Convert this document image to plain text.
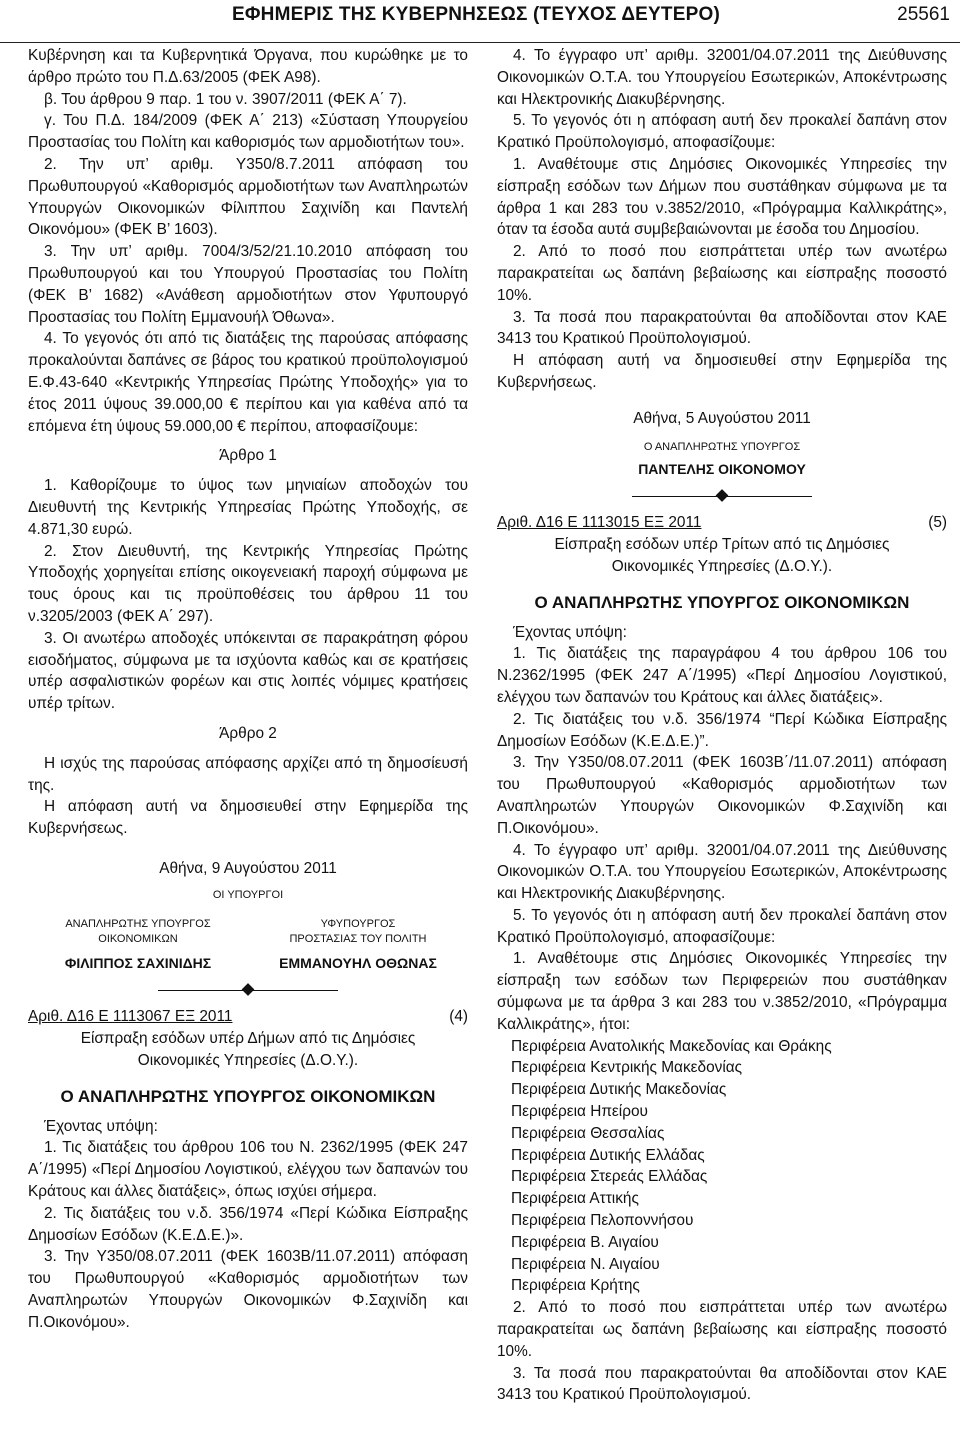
ΕΦΗΜΕΡΙΣ ΤΗΣ ΚΥΒΕΡΝΗΣΕΩΣ (ΤΕΥΧΟΣ ΔΕΥΤΕΡΟ)	25561

Κυβέρνηση και τα Κυβερνητικά Όργανα, που κυρώθηκε με το άρθρο πρώτο του Π.Δ.63/2005 (ΦΕΚ Α98).

β. Του άρθρου 9 παρ. 1 του ν. 3907/2011 (ΦΕΚ Α΄ 7).

γ. Του Π.Δ. 184/2009 (ΦΕΚ Α΄ 213) «Σύσταση Υπουργείου Προστασίας του Πολίτη και καθορισμός των αρμοδιοτήτων του».

2. Την υπ’ αριθμ. Υ350/8.7.2011 απόφαση του Πρωθυπουργού «Καθορισμός αρμοδιοτήτων των Αναπληρωτών Υπουργών Οικονομικών Φίλιππου Σαχινίδη και Παντελή Οικονόμου» (ΦΕΚ Β’ 1603).

3. Την υπ’ αριθμ. 7004/3/52/21.10.2010 απόφαση του Πρωθυπουργού και του Υπουργού Προστασίας του Πολίτη (ΦΕΚ Β’ 1682) «Ανάθεση αρμοδιοτήτων στον Υφυπουργό Προστασίας του Πολίτη Εμμανουήλ Όθωνα».

4. Το γεγονός ότι από τις διατάξεις της παρούσας απόφασης προκαλούνται δαπάνες σε βάρος του κρατικού προϋπολογισμού Ε.Φ.43-640 «Κεντρικής Υπηρεσίας Πρώτης Υποδοχής» για το έτος 2011 ύψους 39.000,00 € περίπου και για καθένα από τα επόμενα έτη ύψους 59.000,00 € περίπου, αποφασίζουμε:

Άρθρο 1

1. Καθορίζουμε το ύψος των μηνιαίων αποδοχών του Διευθυντή της Κεντρικής Υπηρεσίας Πρώτης Υποδοχής, σε 4.871,30 ευρώ.

2. Στον Διευθυντή, της Κεντρικής Υπηρεσίας Πρώτης Υποδοχής χορηγείται επίσης οικογενειακή παροχή σύμφωνα με τους όρους και τις προϋποθέσεις του άρθρου 11 του ν.3205/2003 (ΦΕΚ Α΄ 297).

3. Οι ανωτέρω αποδοχές υπόκεινται σε παρακράτηση φόρου εισοδήματος, σύμφωνα με τα ισχύοντα καθώς και σε κρατήσεις υπέρ ασφαλιστικών φορέων και στις λοιπές νόμιμες κρατήσεις υπέρ τρίτων.

Άρθρο 2

Η ισχύς της παρούσας απόφασης αρχίζει από τη δημοσίευσή της.

Η απόφαση αυτή να δημοσιευθεί στην Εφημερίδα της Κυβερνήσεως.

Αθήνα, 9 Αυγούστου 2011

ΟΙ ΥΠΟΥΡΓΟΙ

ΑΝΑΠΛΗΡΩΤΗΣ ΥΠΟΥΡΓΟΣ

ΟΙΚΟΝΟΜΙΚΩΝ

ΦΙΛΙΠΠΟΣ ΣΑΧΙΝΙΔΗΣ

ΥΦΥΠΟΥΡΓΟΣ

ΠΡΟΣΤΑΣΙΑΣ ΤΟΥ ΠΟΛΙΤΗ

ΕΜΜΑΝΟΥΗΛ ΟΘΩΝΑΣ

Αριθ. Δ16 Ε 1113067 ΕΞ 2011	(4)

Είσπραξη εσόδων υπέρ Δήμων από τις Δημόσιες

Οικονομικές Υπηρεσίες (Δ.Ο.Υ.).

Ο ΑΝΑΠΛΗΡΩΤΗΣ ΥΠΟΥΡΓΟΣ ΟΙΚΟΝΟΜΙΚΩΝ

Έχοντας υπόψη:

1. Τις διατάξεις του άρθρου 106 του Ν. 2362/1995 (ΦΕΚ 247 Α΄/1995) «Περί Δημοσίου Λογιστικού, ελέγχου των δαπανών του Κράτους και άλλες διατάξεις», όπως ισχύει σήμερα.

2. Τις διατάξεις του ν.δ. 356/1974 «Περί Κώδικα Είσπραξης Δημοσίων Εσόδων (Κ.Ε.Δ.Ε.)».

3. Την Υ350/08.07.2011 (ΦΕΚ 1603Β/11.07.2011) απόφαση του Πρωθυπουργού «Καθορισμός αρμοδιοτήτων των Αναπληρωτών Υπουργών Οικονομικών Φ.Σαχινίδη και Π.Οικονόμου».

4. Το έγγραφο υπ’ αριθμ. 32001/04.07.2011 της Διεύθυνσης Οικονομικών Ο.Τ.Α. του Υπουργείου Εσωτερικών, Αποκέντρωσης και Ηλεκτρονικής Διακυβέρνησης.

5. Το γεγονός ότι η απόφαση αυτή δεν προκαλεί δαπάνη στον Κρατικό Προϋπολογισμό, αποφασίζουμε:

1. Αναθέτουμε στις Δημόσιες Οικονομικές Υπηρεσίες την είσπραξη εσόδων των Δήμων που συστάθηκαν σύμφωνα με τα άρθρα 1 και 283 του ν.3852/2010, «Πρόγραμμα Καλλικράτης», όταν τα έσοδα αυτά συμβεβαιώνονται με έσοδα του Δημοσίου.

2. Από το ποσό που εισπράττεται υπέρ των ανωτέρω παρακρατείται ως δαπάνη βεβαίωσης και είσπραξης ποσοστό 10%.

3. Τα ποσά που παρακρατούνται θα αποδίδονται στον ΚΑΕ 3413 του Κρατικού Προϋπολογισμού.

Η απόφαση αυτή να δημοσιευθεί στην Εφημερίδα της Κυβερνήσεως.

Αθήνα, 5 Αυγούστου 2011

Ο ΑΝΑΠΛΗΡΩΤΗΣ ΥΠΟΥΡΓΟΣ

ΠΑΝΤΕΛΗΣ ΟΙΚΟΝΟΜΟΥ

Αριθ. Δ16 Ε 1113015 ΕΞ 2011	(5)

Είσπραξη εσόδων υπέρ Τρίτων από τις Δημόσιες

Οικονομικές Υπηρεσίες (Δ.Ο.Υ.).

Ο ΑΝΑΠΛΗΡΩΤΗΣ ΥΠΟΥΡΓΟΣ ΟΙΚΟΝΟΜΙΚΩΝ

Έχοντας υπόψη:

1. Τις διατάξεις της παραγράφου 4 του άρθρου 106 του Ν.2362/1995 (ΦΕΚ 247 Α΄/1995) «Περί Δημοσίου Λογιστικού, ελέγχου των δαπανών του Κράτους και άλλες διατάξεις».

2. Τις διατάξεις του ν.δ. 356/1974 “Περί Κώδικα Είσπραξης Δημοσίων Εσόδων (Κ.Ε.Δ.Ε.)”.

3. Την Υ350/08.07.2011 (ΦΕΚ 1603Β΄/11.07.2011) απόφαση του Πρωθυπουργού «Καθορισμός αρμοδιοτήτων των Αναπληρωτών Υπουργών Οικονομικών Φ.Σαχινίδη και Π.Οικονόμου».

4. Το έγγραφο υπ’ αριθμ. 32001/04.07.2011 της Διεύθυνσης Οικονομικών Ο.Τ.Α. του Υπουργείου Εσωτερικών, Αποκέντρωσης και Ηλεκτρονικής Διακυβέρνησης.

5. Το γεγονός ότι η απόφαση αυτή δεν προκαλεί δαπάνη στον Κρατικό Προϋπολογισμό, αποφασίζουμε:

1. Αναθέτουμε στις Δημόσιες Οικονομικές Υπηρεσίες την είσπραξη των εσόδων των Περιφερειών που συστάθηκαν σύμφωνα με τα άρθρα 3 και 283 του ν.3852/2010, «Πρόγραμμα Καλλικράτης», ήτοι:

Περιφέρεια Ανατολικής Μακεδονίας και Θράκης

Περιφέρεια Κεντρικής Μακεδονίας

Περιφέρεια Δυτικής Μακεδονίας

Περιφέρεια Ηπείρου

Περιφέρεια Θεσσαλίας

Περιφέρεια Δυτικής Ελλάδας

Περιφέρεια Στερεάς Ελλάδας

Περιφέρεια Αττικής

Περιφέρεια Πελοποννήσου

Περιφέρεια Β. Αιγαίου

Περιφέρεια Ν. Αιγαίου

Περιφέρεια Κρήτης

2. Από το ποσό που εισπράττεται υπέρ των ανωτέρω παρακρατείται ως δαπάνη βεβαίωσης και είσπραξης ποσοστό 10%.

3. Τα ποσά που παρακρατούνται θα αποδίδονται στον ΚΑΕ 3413 του Κρατικού Προϋπολογισμού.
